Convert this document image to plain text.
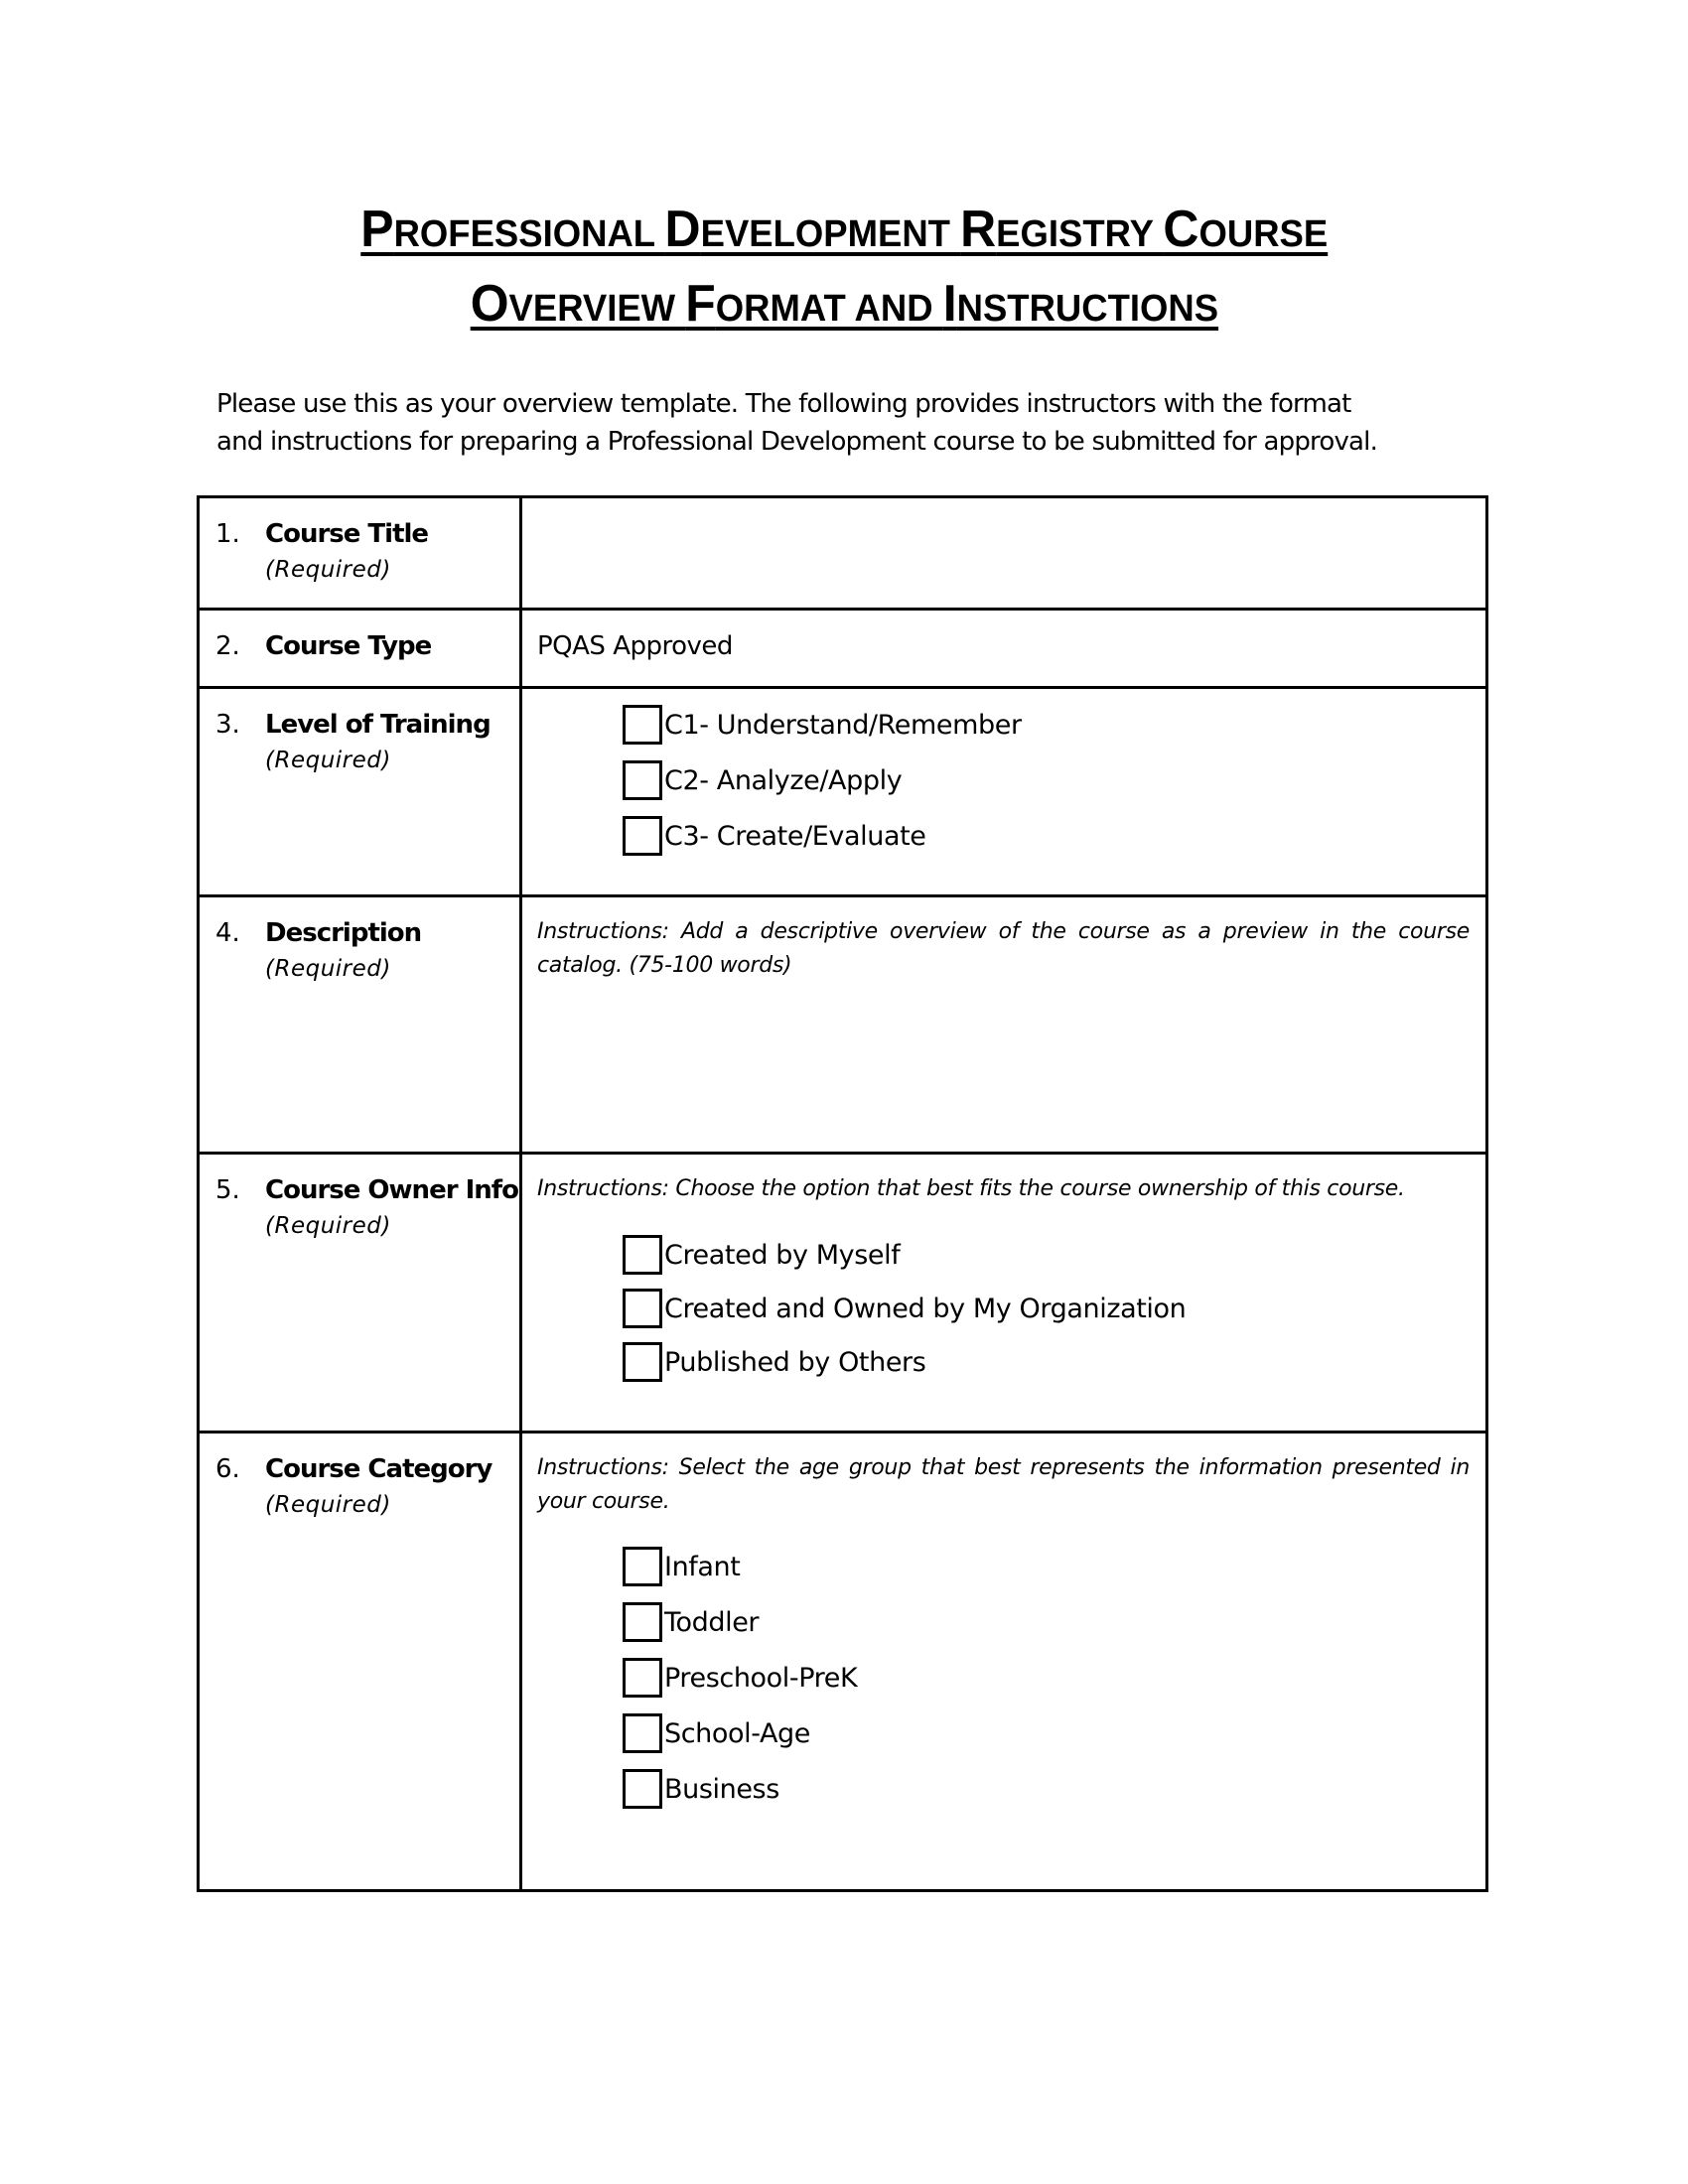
PROFESSIONAL DEVELOPMENT REGISTRY COURSE
OVERVIEW FORMAT AND INSTRUCTIONS
Please use this as your overview template. The following provides instructors with the format
and instructions for preparing a Professional Development course to be submitted for approval.
1. Course Title
(Required)	

2. Course Type	PQAS Approved

3. Level of Training
(Required)

C1- Understand/Remember
C2- Analyze/Apply
C3- Create/Evaluate

4. Description
(Required)	Instructions: Add a descriptive overview of the course as a preview in the course catalog. (75-100 words)

5. Course Owner Info
(Required)

Instructions: Choose the option that best fits the course ownership of this course.
Created by Myself
Created and Owned by My Organization
Published by Others

6. Course Category
(Required)

Instructions: Select the age group that best represents the information presented in your course.
Infant
Toddler
Preschool-PreK
School-Age
Business
